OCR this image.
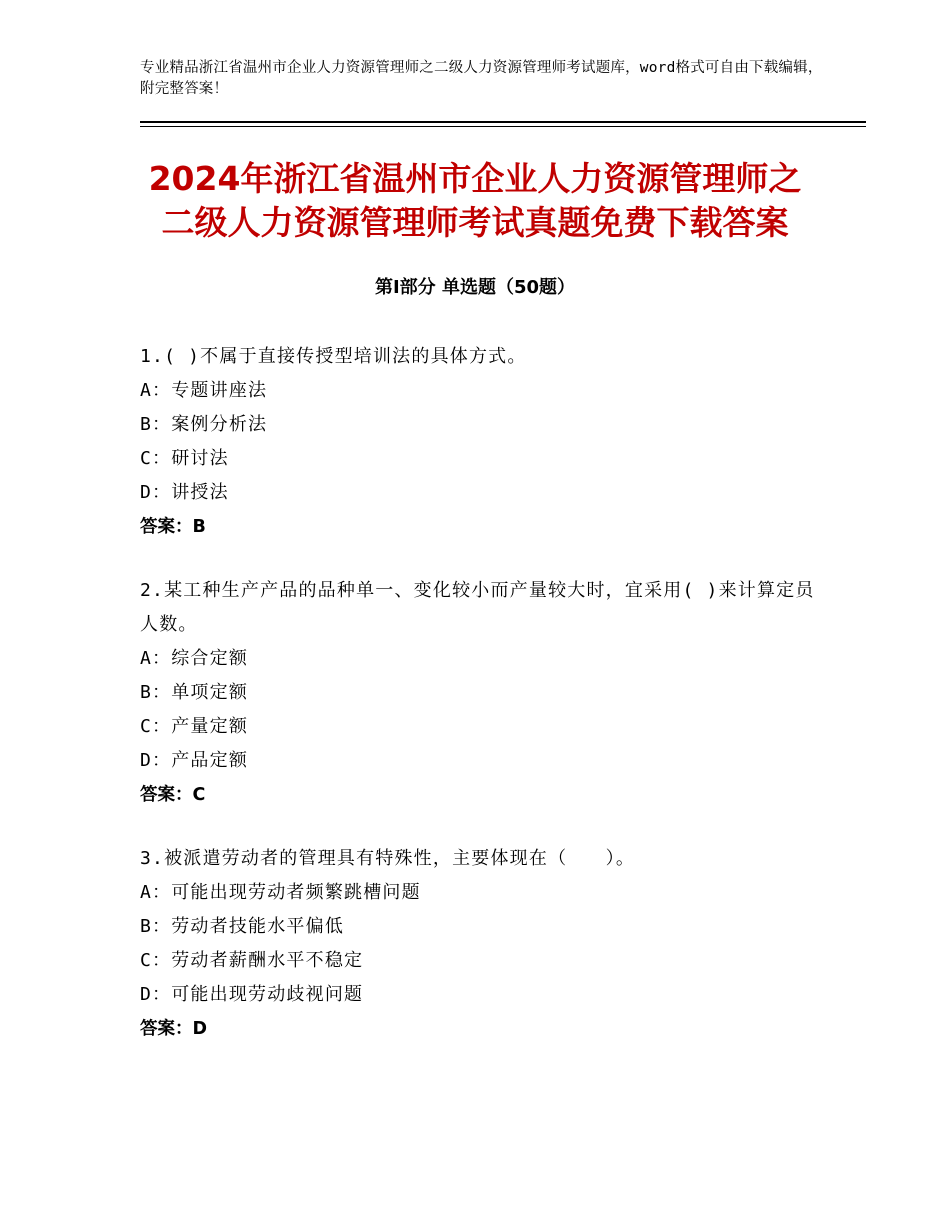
专业精品浙江省温州市企业人力资源管理师之二级人力资源管理师考试题库，word格式可自由下载编辑，附完整答案！
2024年浙江省温州市企业人力资源管理师之
二级人力资源管理师考试真题免费下载答案
第Ⅰ部分 单选题（50题）
1.( )不属于直接传授型培训法的具体方式。
A：专题讲座法
B：案例分析法
C：研讨法
D：讲授法
答案：B
2.某工种生产产品的品种单一、变化较小而产量较大时，宜采用( )来计算定员人数。
A：综合定额
B：单项定额
C：产量定额
D：产品定额
答案：C
3.被派遣劳动者的管理具有特殊性，主要体现在（　　）。
A：可能出现劳动者频繁跳槽问题
B：劳动者技能水平偏低
C：劳动者薪酬水平不稳定
D：可能出现劳动歧视问题
答案：D
